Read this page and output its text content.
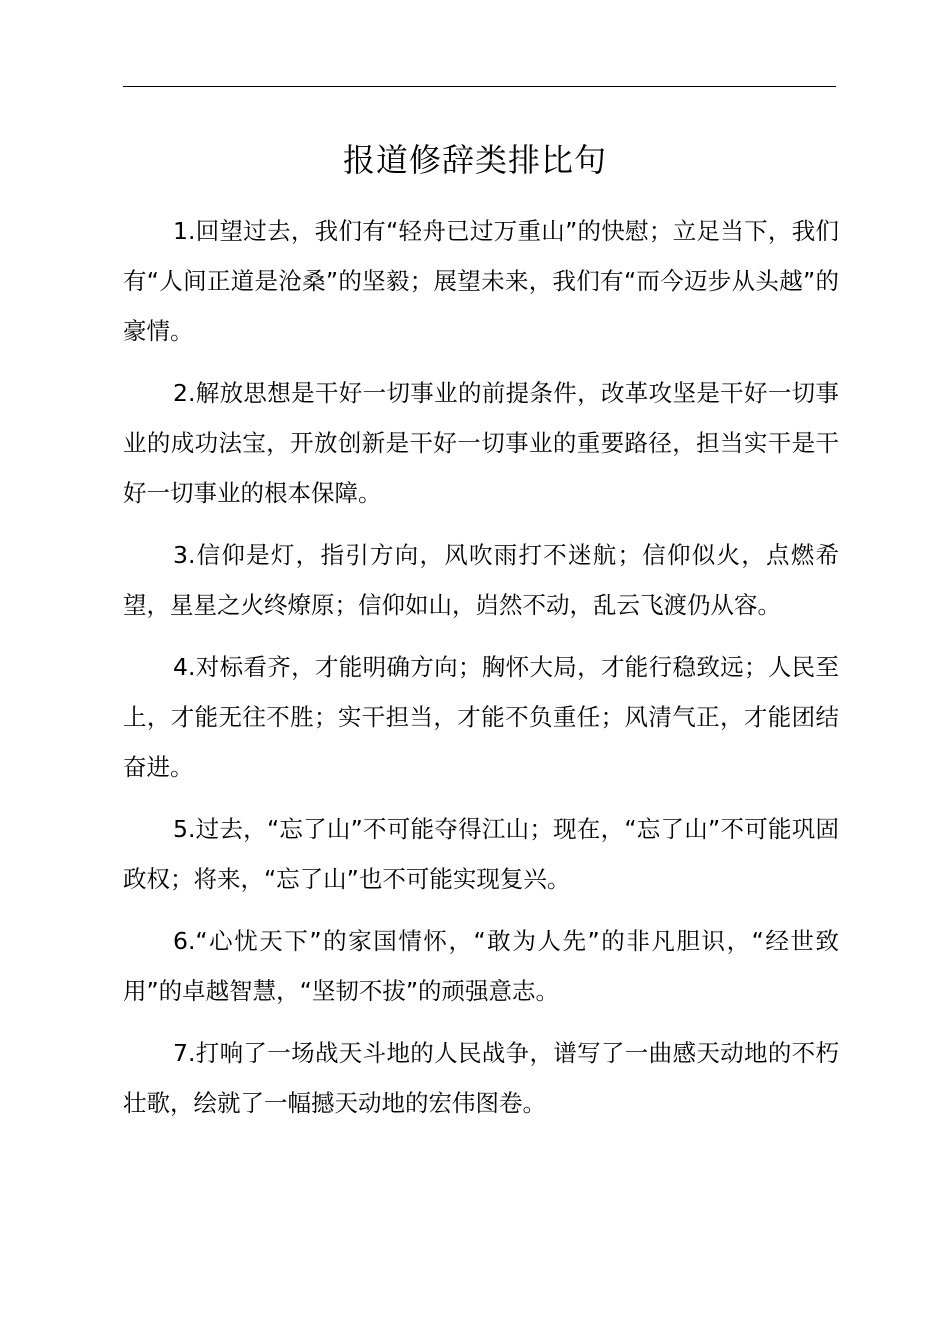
报道修辞类排比句

1.回望过去，我们有“轻舟已过万重山”的快慰；立足当下，我们有“人间正道是沧桑”的坚毅；展望未来，我们有“而今迈步从头越”的豪情。

2.解放思想是干好一切事业的前提条件，改革攻坚是干好一切事业的成功法宝，开放创新是干好一切事业的重要路径，担当实干是干好一切事业的根本保障。

3.信仰是灯，指引方向，风吹雨打不迷航；信仰似火，点燃希望，星星之火终燎原；信仰如山，岿然不动，乱云飞渡仍从容。

4.对标看齐，才能明确方向；胸怀大局，才能行稳致远；人民至上，才能无往不胜；实干担当，才能不负重任；风清气正，才能团结奋进。

5.过去，“忘了山”不可能夺得江山；现在，“忘了山”不可能巩固政权；将来，“忘了山”也不可能实现复兴。

6.“心忧天下”的家国情怀，“敢为人先”的非凡胆识，“经世致用”的卓越智慧，“坚韧不拔”的顽强意志。

7.打响了一场战天斗地的人民战争，谱写了一曲感天动地的不朽壮歌，绘就了一幅撼天动地的宏伟图卷。
